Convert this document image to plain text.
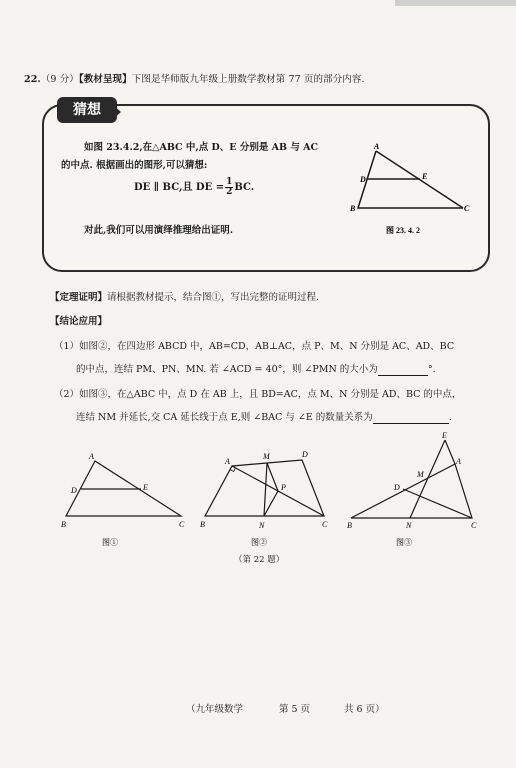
22.（9 分）【教材呈现】下图是华师版九年级上册数学教材第 77 页的部分内容.
猜想
如图 23.4.2,在△ABC 中,点 D、E 分别是 AB 与 AC
的中点. 根据画出的图形,可以猜想:
DE ∥ BC,且 DE = $\frac{1}{2}$ BC.
对此,我们可以用演绎推理给出证明.
A
D	E
B	C
图 23. 4. 2
【定理证明】请根据教材提示，结合图①，写出完整的证明过程.
【结论应用】
（1）如图②，在四边形 ABCD 中，AB=CD，AB⊥AC，点 P、M、N 分别是 AC、AD、BC
的中点，连结 PM、PN、MN. 若 ∠ACD = 40°，则 ∠PMN 的大小为	°.
（2）如图③，在△ABC 中，点 D 在 AB 上，且 BD=AC，点 M、N 分别是 AD、BC 的中点，
连结 NM 并延长,交 CA 延长线于点 E,则 ∠BAC 与 ∠E 的数量关系为	.
A
D	E
B	C
图①
A
M	D
P
B	N	C
图②
E
A
M
D
B	N	C
图③
（第 22 题）
（九年级数学	第 5 页	共 6 页）
